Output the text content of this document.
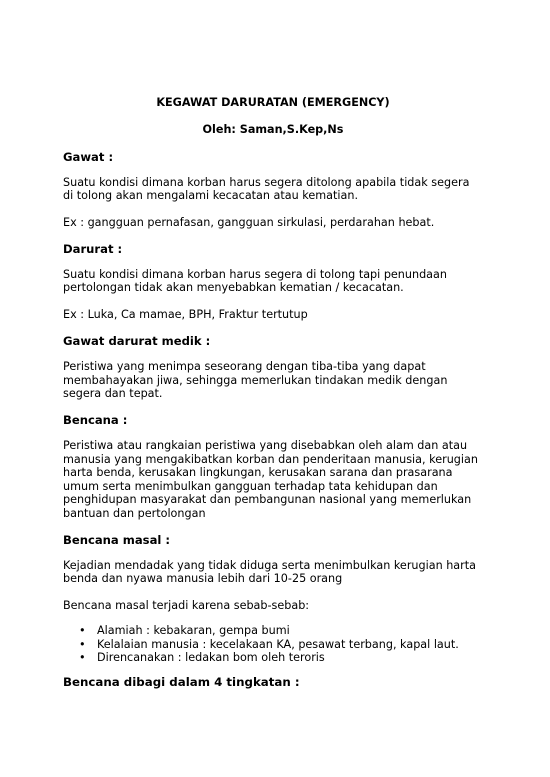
KEGAWAT DARURATAN (EMERGENCY)
Oleh: Saman,S.Kep,Ns
Gawat :

Suatu kondisi dimana korban harus segera ditolong apabila tidak segera di tolong akan mengalami kecacatan atau kematian.

Ex : gangguan pernafasan, gangguan sirkulasi, perdarahan hebat.

Darurat :

Suatu kondisi dimana korban harus segera di tolong tapi penundaan pertolongan tidak akan menyebabkan kematian / kecacatan.

Ex : Luka, Ca mamae, BPH, Fraktur tertutup

Gawat darurat medik :

Peristiwa yang menimpa seseorang dengan tiba-tiba yang dapat membahayakan jiwa, sehingga memerlukan tindakan medik dengan segera dan tepat.

Bencana :

Peristiwa atau rangkaian peristiwa yang disebabkan oleh alam dan atau manusia yang mengakibatkan korban dan penderitaan manusia, kerugian harta benda, kerusakan lingkungan, kerusakan sarana dan prasarana umum serta menimbulkan gangguan terhadap tata kehidupan dan penghidupan masyarakat dan pembangunan nasional yang memerlukan bantuan dan pertolongan

Bencana masal :

Kejadian mendadak yang tidak diduga serta menimbulkan kerugian harta benda dan nyawa manusia lebih dari 10-25 orang

Bencana masal terjadi karena sebab-sebab:

• Alamiah : kebakaran, gempa bumi
• Kelalaian manusia : kecelakaan KA, pesawat terbang, kapal laut.
• Direncanakan : ledakan bom oleh teroris
Bencana dibagi dalam 4 tingkatan :
